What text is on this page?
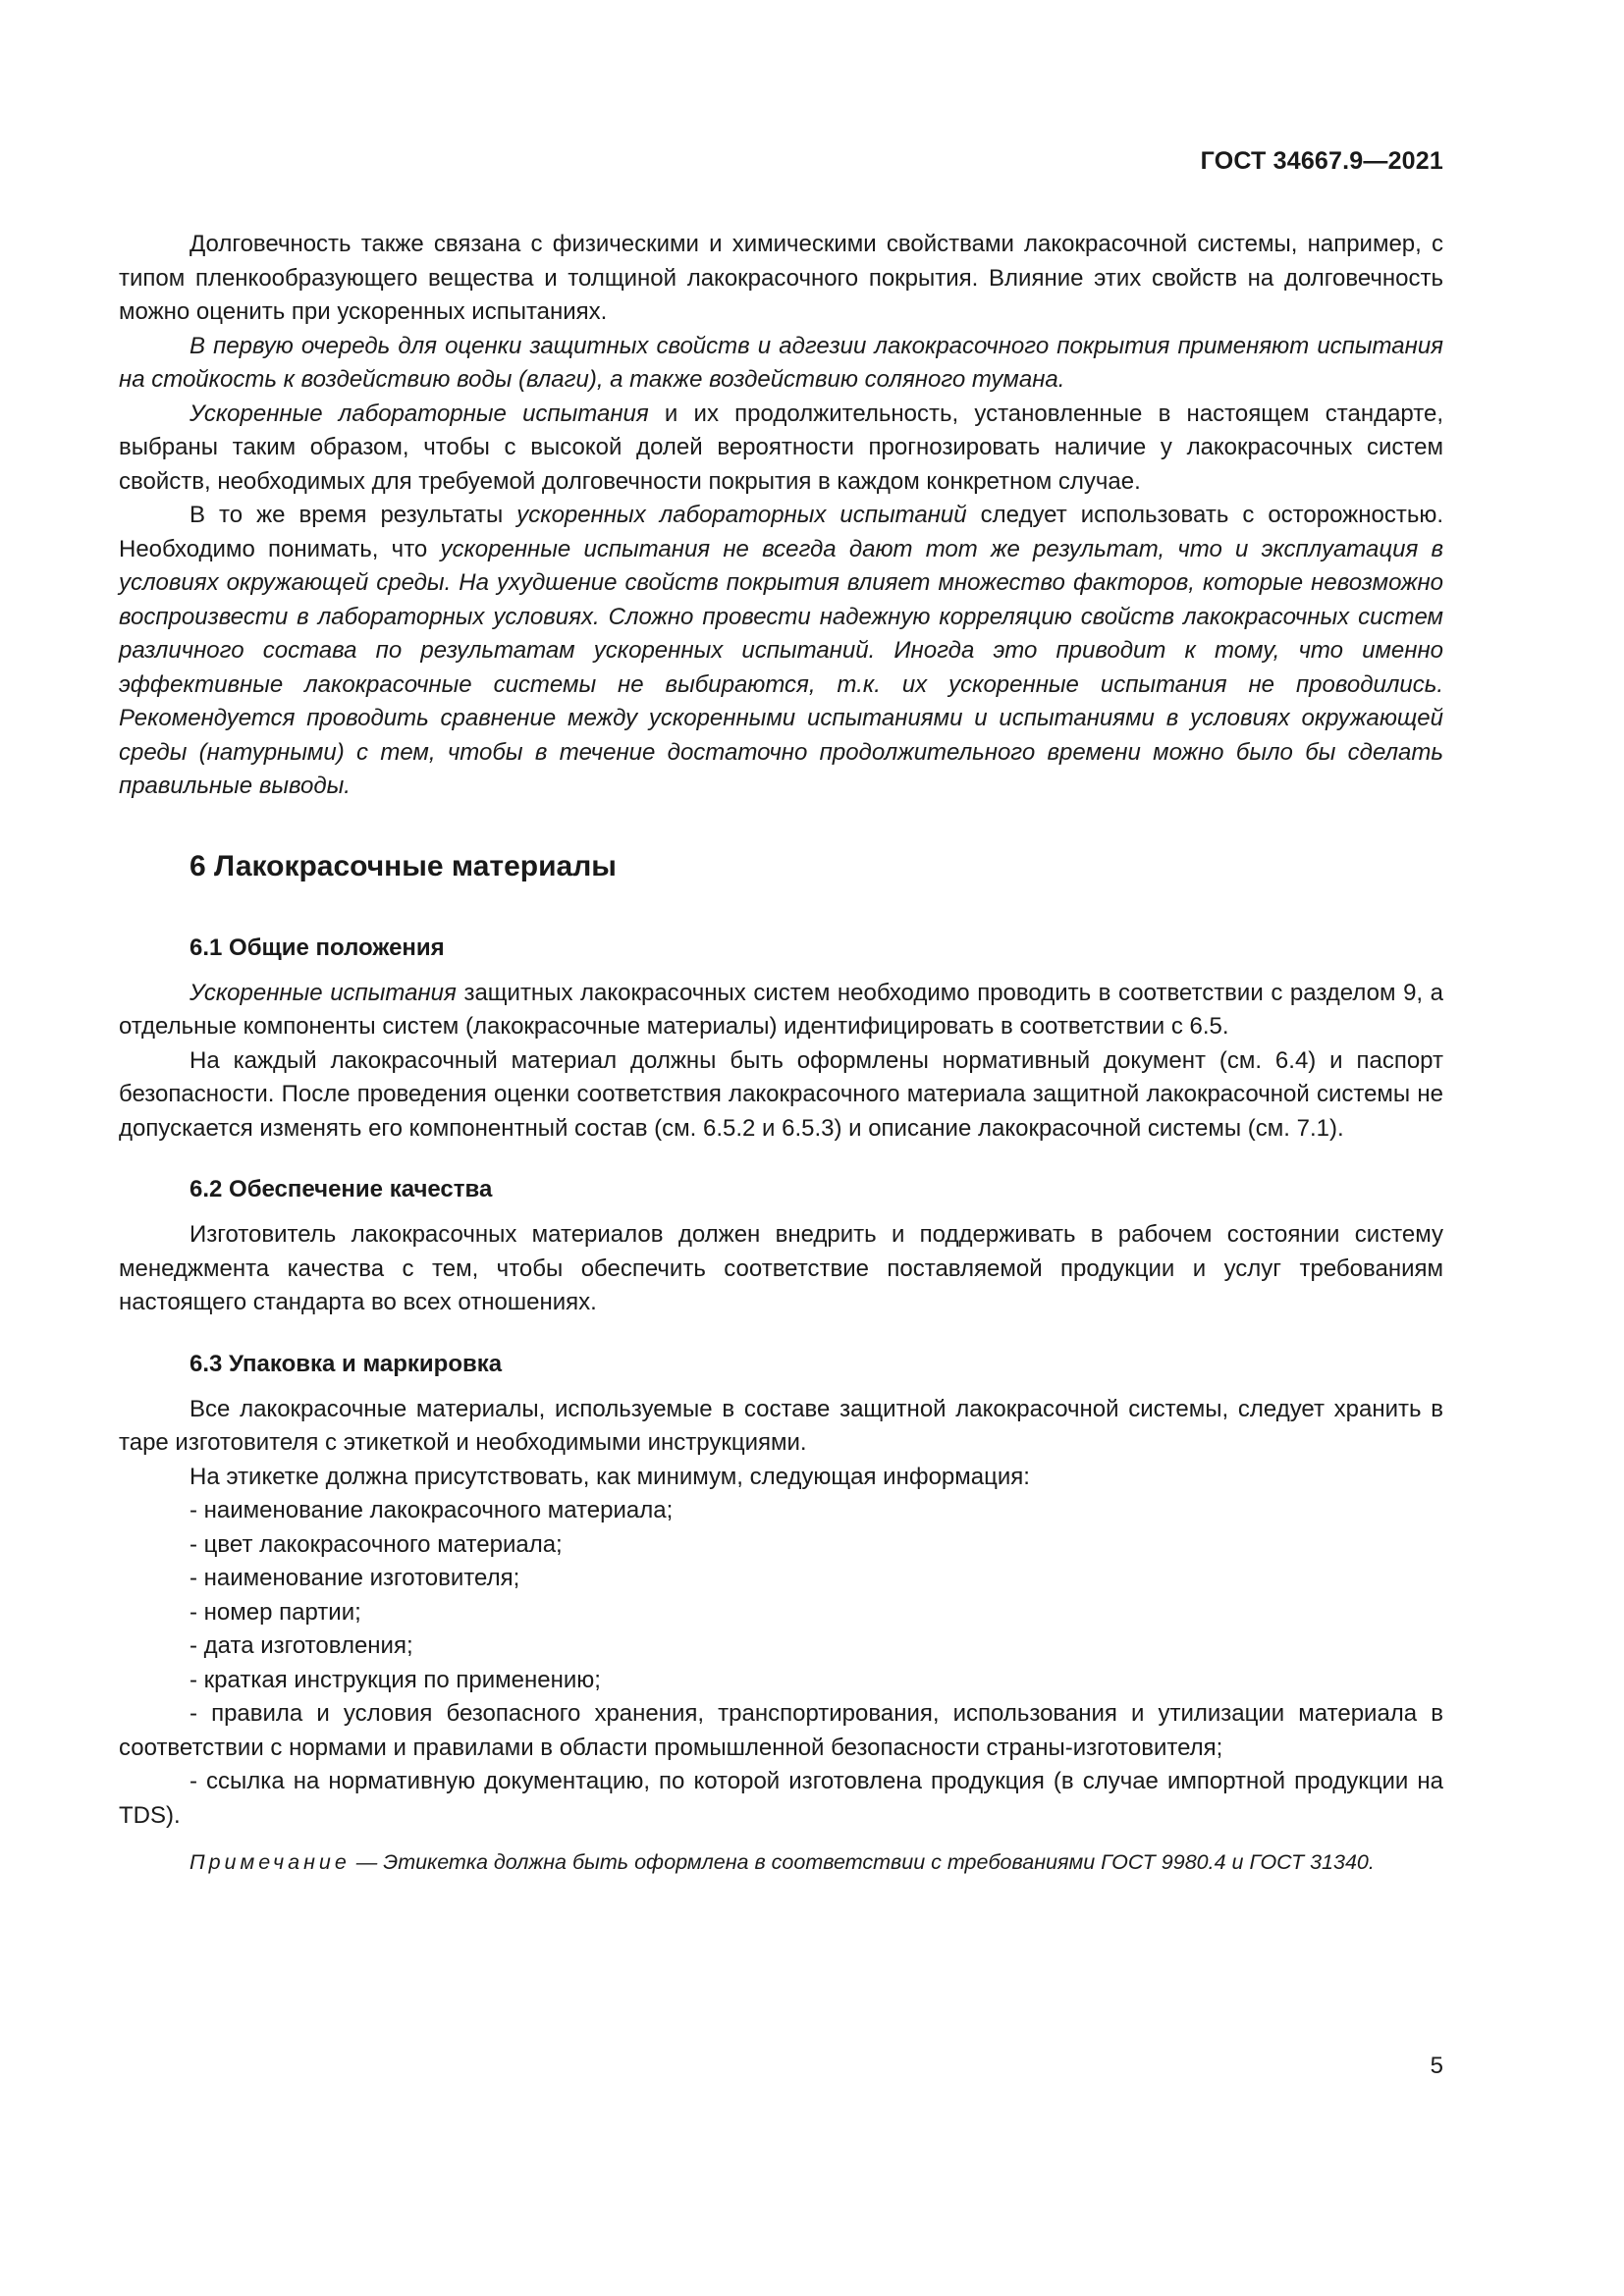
ГОСТ 34667.9—2021

Долговечность также связана с физическими и химическими свойствами лакокрасочной системы, например, с типом пленкообразующего вещества и толщиной лакокрасочного покрытия. Влияние этих свойств на долговечность можно оценить при ускоренных испытаниях.

В первую очередь для оценки защитных свойств и адгезии лакокрасочного покрытия применяют испытания на стойкость к воздействию воды (влаги), а также воздействию соляного тумана.

Ускоренные лабораторные испытания и их продолжительность, установленные в настоящем стандарте, выбраны таким образом, чтобы с высокой долей вероятности прогнозировать наличие у лакокрасочных систем свойств, необходимых для требуемой долговечности покрытия в каждом конкретном случае.

В то же время результаты ускоренных лабораторных испытаний следует использовать с осторожностью. Необходимо понимать, что ускоренные испытания не всегда дают тот же результат, что и эксплуатация в условиях окружающей среды. На ухудшение свойств покрытия влияет множество факторов, которые невозможно воспроизвести в лабораторных условиях. Сложно провести надежную корреляцию свойств лакокрасочных систем различного состава по результатам ускоренных испытаний. Иногда это приводит к тому, что именно эффективные лакокрасочные системы не выбираются, т.к. их ускоренные испытания не проводились. Рекомендуется проводить сравнение между ускоренными испытаниями и испытаниями в условиях окружающей среды (натурными) с тем, чтобы в течение достаточно продолжительного времени можно было бы сделать правильные выводы.

6 Лакокрасочные материалы
6.1 Общие положения

Ускоренные испытания защитных лакокрасочных систем необходимо проводить в соответствии с разделом 9, а отдельные компоненты систем (лакокрасочные материалы) идентифицировать в соответствии с 6.5.

На каждый лакокрасочный материал должны быть оформлены нормативный документ (см. 6.4) и паспорт безопасности. После проведения оценки соответствия лакокрасочного материала защитной лакокрасочной системы не допускается изменять его компонентный состав (см. 6.5.2 и 6.5.3) и описание лакокрасочной системы (см. 7.1).

6.2 Обеспечение качества

Изготовитель лакокрасочных материалов должен внедрить и поддерживать в рабочем состоянии систему менеджмента качества с тем, чтобы обеспечить соответствие поставляемой продукции и услуг требованиям настоящего стандарта во всех отношениях.

6.3 Упаковка и маркировка

Все лакокрасочные материалы, используемые в составе защитной лакокрасочной системы, следует хранить в таре изготовителя с этикеткой и необходимыми инструкциями.

На этикетке должна присутствовать, как минимум, следующая информация:

- наименование лакокрасочного материала;

- цвет лакокрасочного материала;

- наименование изготовителя;

- номер партии;

- дата изготовления;

- краткая инструкция по применению;

- правила и условия безопасного хранения, транспортирования, использования и утилизации материала в соответствии с нормами и правилами в области промышленной безопасности страны-изготовителя;

- ссылка на нормативную документацию, по которой изготовлена продукция (в случае импортной продукции на TDS).

Примечание — Этикетка должна быть оформлена в соответствии с требованиями ГОСТ 9980.4 и ГОСТ 31340.

5
